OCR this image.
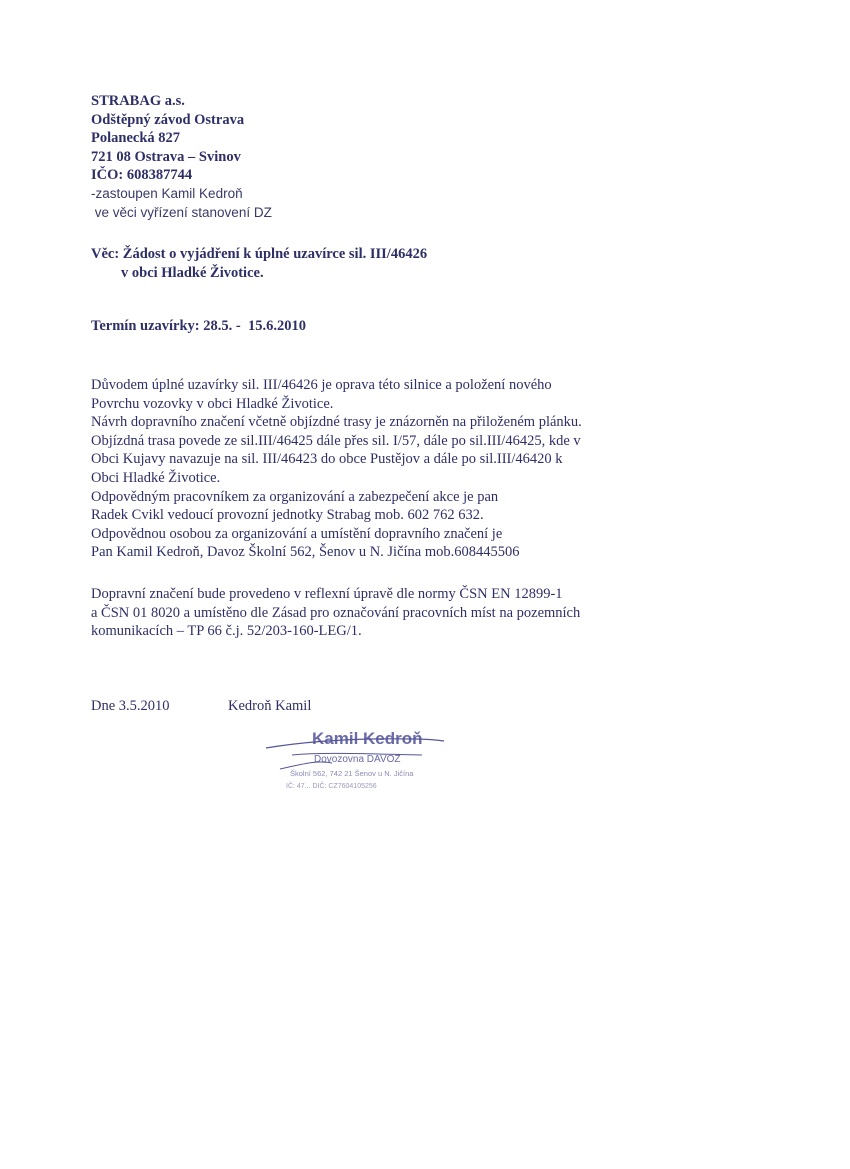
STRABAG a.s.
Odštěpný závod Ostrava
Polanecká 827
721 08 Ostrava – Svinov
IČO: 608387744
-zastoupen Kamil Kedroň
ve věci vyřízení stanovení DZ
Věc: Žádost o vyjádření k úplné uzavírce sil. III/46426
v obci Hladké Životice.
Termín uzavírky: 28.5. -  15.6.2010
Důvodem úplné uzavírky sil. III/46426 je oprava této silnice a položení nového
Povrchu vozovky v obci Hladké Životice.
Návrh dopravního značení včetně objízdné trasy je znázorněn na přiloženém plánku.
Objízdná trasa povede ze sil.III/46425 dále přes sil. I/57, dále po sil.III/46425, kde v
Obci Kujavy navazuje na sil. III/46423 do obce Pustějov a dále po sil.III/46420 k
Obci Hladké Životice.
Odpovědným pracovníkem za organizování a zabezpečení akce je pan
Radek Cvikl vedoucí provozní jednotky Strabag mob. 602 762 632.
Odpovědnou osobou za organizování a umístění dopravního značení je
Pan Kamil Kedroň, Davoz Školní 562, Šenov u N. Jičína mob.608445506
Dopravní značení bude provedeno v reflexní úpravě dle normy ČSN EN 12899-1
a ČSN 01 8020 a umístěno dle Zásad pro označování pracovních míst na pozemních
komunikacích – TP 66 č.j. 52/203-160-LEG/1.
Dne 3.5.2010	Kedroň Kamil
Kamil Kedroň
Dovozovna DAVOZ
Školní 562, 742 21 Šenov u N. Jičína
IČ: 47... DIČ: CZ7604105256
